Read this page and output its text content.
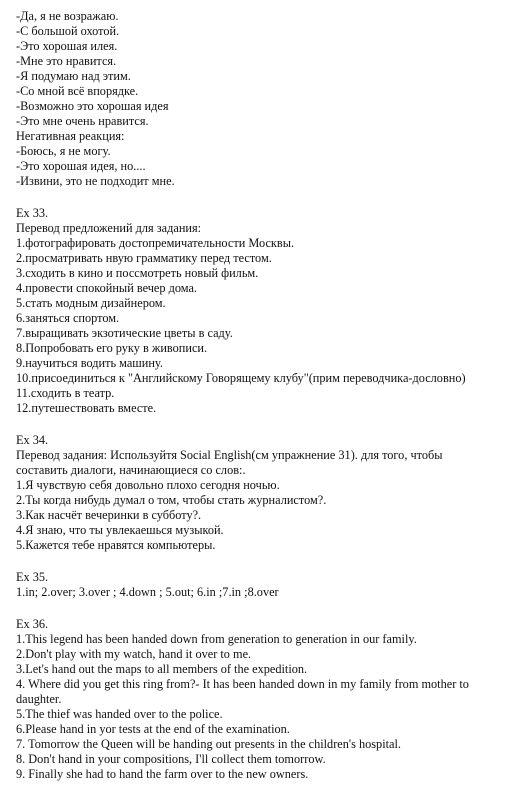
-Да, я не возражаю.
-С большой охотой.
-Это хорошая илея.
-Мне это нравится.
-Я подумаю над этим.
-Со мной всё впорядке.
-Возможно это хорошая идея
-Это мне очень нравится.
Негативная реакция:
-Боюсь, я не могу.
-Это хорошая идея, но....
-Извини, это не подходит мне.
Ex 33.
Перевод предложений для задания:
1.фотографировать достопремичательности Москвы.
2.просматривать нвую грамматику перед тестом.
3.сходить в кино и поссмотреть новый фильм.
4.провести спокойный вечер дома.
5.стать модным дизайнером.
6.заняться спортом.
7.выращивать экзотические цветы в саду.
8.Попробовать его руку в живописи.
9.научиться водить машину.
10.присоединиться к "Английскому Говорящему клубу"(прим переводчика-дословно)
11.сходить в театр.
12.путешествовать вместе.
Ex 34.
Перевод задания: Используйтя Social English(см упражнение 31). для того, чтобы
составить диалоги, начинающиеся со слов:.
1.Я чувствую себя довольно плохо сегодня ночью.
2.Ты когда нибудь думал о том, чтобы стать журналистом?.
3.Как насчёт вечеринки в субботу?.
4.Я знаю, что ты увлекаешься музыкой.
5.Кажется тебе нравятся компьютеры.
Ex 35.
1.in; 2.over; 3.over ; 4.down ; 5.out; 6.in ;7.in ;8.over
Ex 36.
1.This legend has been handed down from generation to generation in our family.
2.Don't play with my watch, hand it over to me.
3.Let's hand out the maps to all members of the expedition.
4. Where did you get this ring from?- It has been handed down in my family from mother to
daughter.
5.The thief was handed over to the police.
6.Please hand in yor tests at the end of the examination.
7. Tomorrow the Queen will be handing out presents in the children's hospital.
8. Don't hand in your compositions, I'll collect them tomorrow.
9. Finally she had to hand the farm over to the new owners.
